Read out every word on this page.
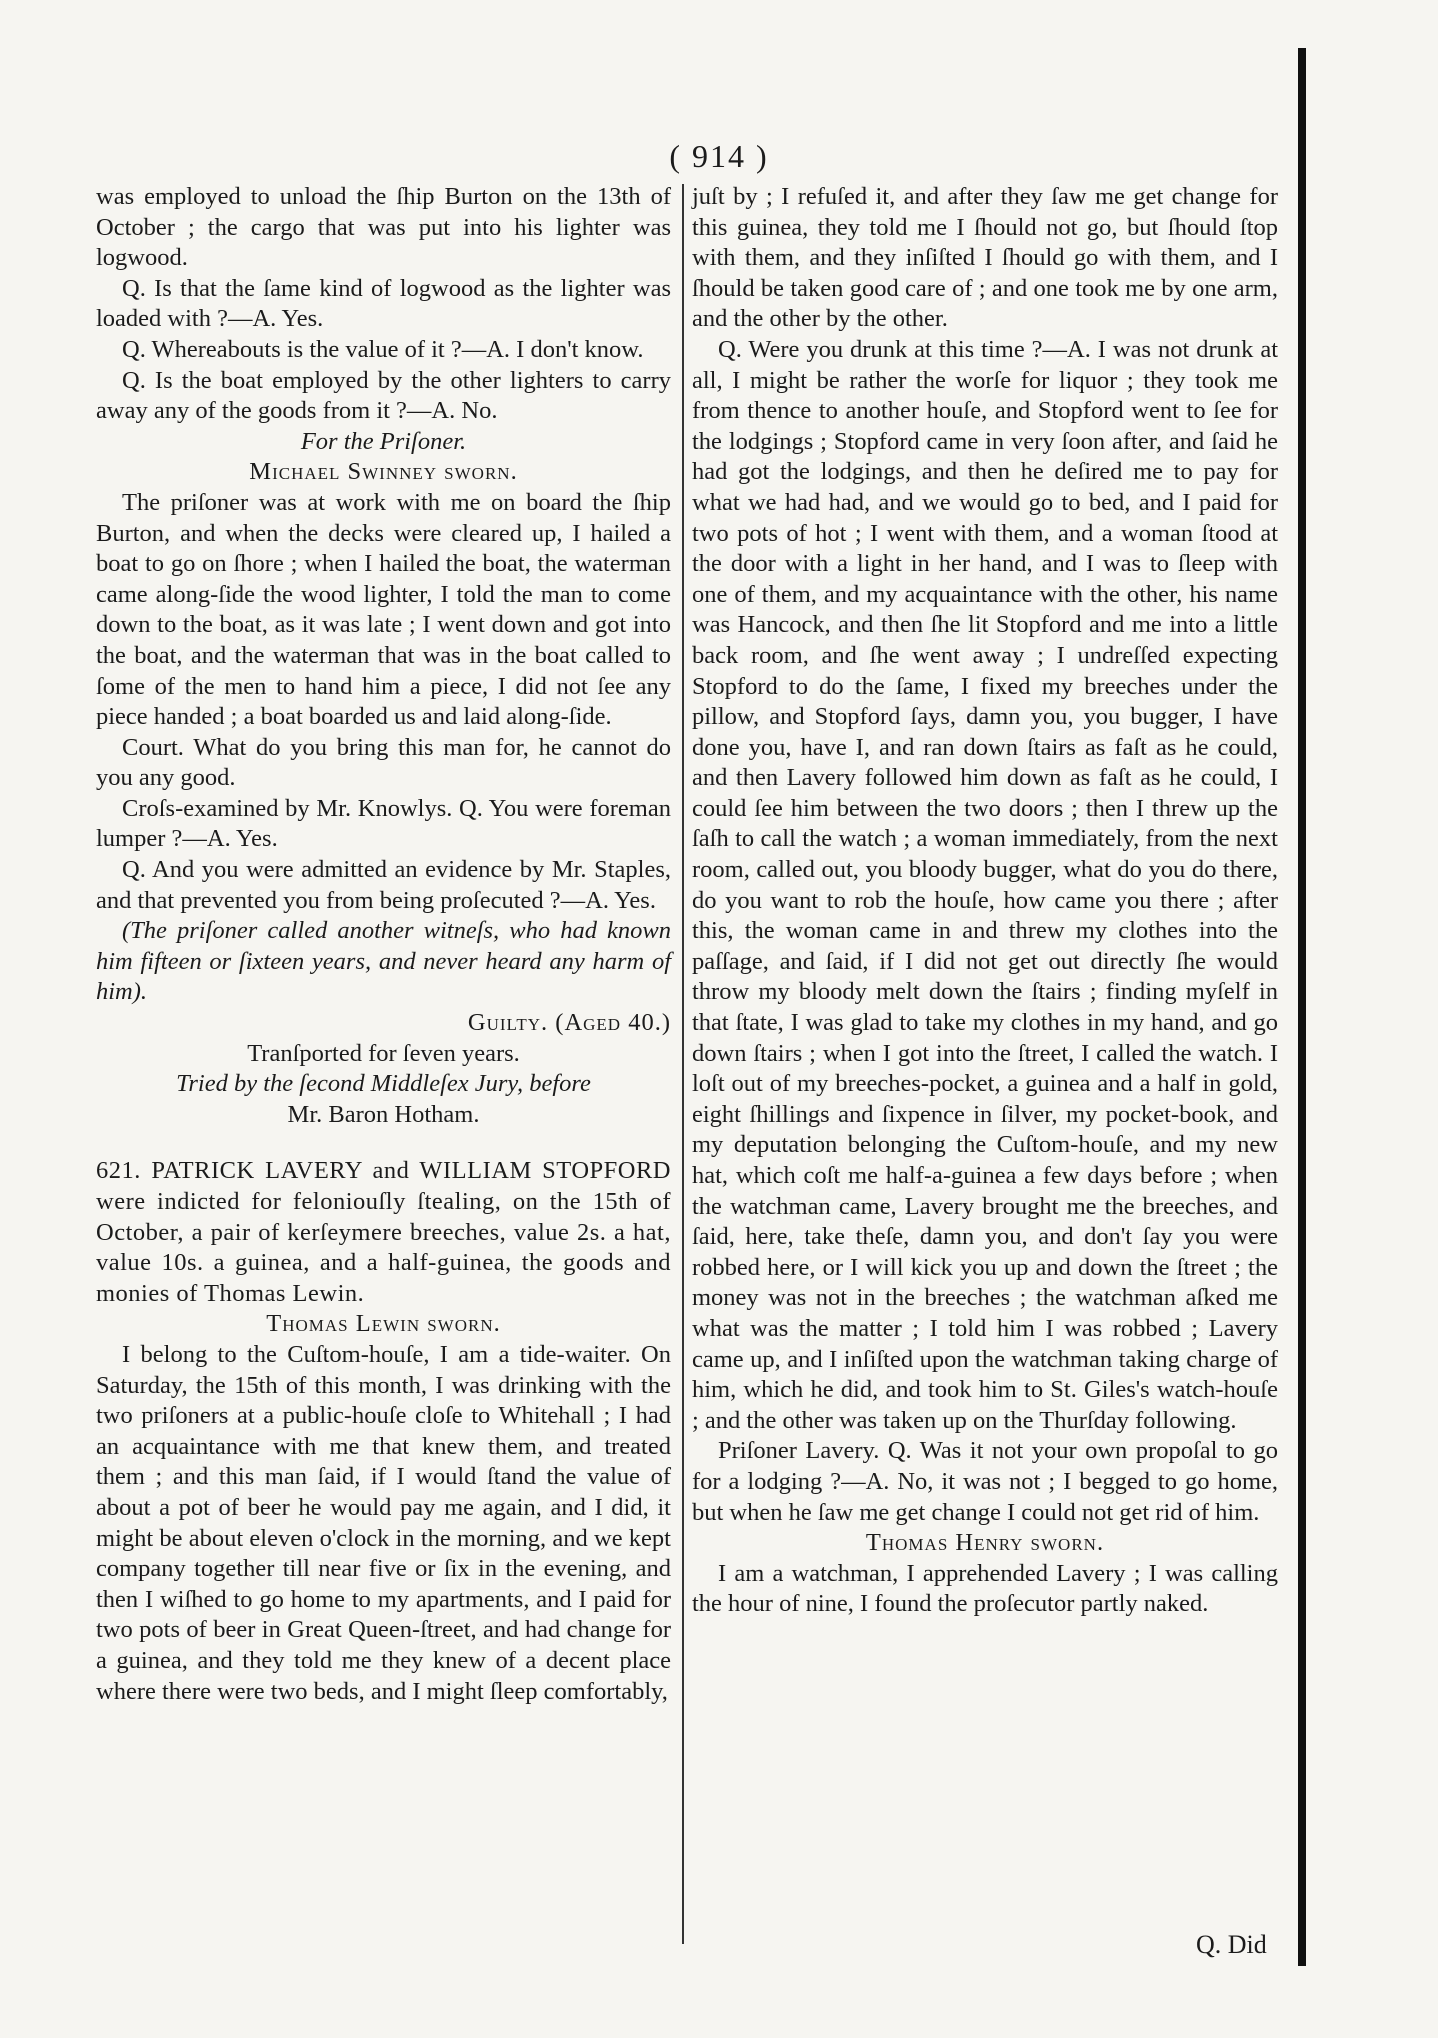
( 914 )

was employed to unload the ſhip Burton on the 13th of October ; the cargo that was put into his lighter was logwood.

Q. Is that the ſame kind of logwood as the lighter was loaded with ?—A. Yes.

Q. Whereabouts is the value of it ?—A. I don't know.

Q. Is the boat employed by the other lighters to carry away any of the goods from it ?—A. No.

For the Priſoner.

Michael Swinney ſworn.

The priſoner was at work with me on board the ſhip Burton, and when the decks were cleared up, I hailed a boat to go on ſhore ; when I hailed the boat, the waterman came along-ſide the wood lighter, I told the man to come down to the boat, as it was late ; I went down and got into the boat, and the waterman that was in the boat called to ſome of the men to hand him a piece, I did not ſee any piece handed ; a boat boarded us and laid along-ſide.

Court. What do you bring this man for, he cannot do you any good.

Croſs-examined by Mr. Knowlys. Q. You were foreman lumper ?—A. Yes.

Q. And you were admitted an evidence by Mr. Staples, and that prevented you from being proſecuted ?—A. Yes.

(The priſoner called another witneſs, who had known him fifteen or ſixteen years, and never heard any harm of him).

Guilty. (Aged 40.)

Tranſported for ſeven years.

Tried by the ſecond Middleſex Jury, before

Mr. Baron Hotham.

621. PATRICK LAVERY and WILLIAM STOPFORD were indicted for feloniouſly ſtealing, on the 15th of October, a pair of kerſeymere breeches, value 2s. a hat, value 10s. a guinea, and a half-guinea, the goods and monies of Thomas Lewin.

Thomas Lewin ſworn.

I belong to the Cuſtom-houſe, I am a tide-waiter. On Saturday, the 15th of this month, I was drinking with the two priſoners at a public-houſe cloſe to Whitehall ; I had an acquaintance with me that knew them, and treated them ; and this man ſaid, if I would ſtand the value of about a pot of beer he would pay me again, and I did, it might be about eleven o'clock in the morning, and we kept company together till near five or ſix in the evening, and then I wiſhed to go home to my apartments, and I paid for two pots of beer in Great Queen-ſtreet, and had change for a guinea, and they told me they knew of a decent place where there were two beds, and I might ſleep comfortably,

juſt by ; I refuſed it, and after they ſaw me get change for this guinea, they told me I ſhould not go, but ſhould ſtop with them, and they inſiſted I ſhould go with them, and I ſhould be taken good care of ; and one took me by one arm, and the other by the other.

Q. Were you drunk at this time ?—A. I was not drunk at all, I might be rather the worſe for liquor ; they took me from thence to another houſe, and Stopford went to ſee for the lodgings ; Stopford came in very ſoon after, and ſaid he had got the lodgings, and then he deſired me to pay for what we had had, and we would go to bed, and I paid for two pots of hot ; I went with them, and a woman ſtood at the door with a light in her hand, and I was to ſleep with one of them, and my acquaintance with the other, his name was Hancock, and then ſhe lit Stopford and me into a little back room, and ſhe went away ; I undreſſed expecting Stopford to do the ſame, I fixed my breeches under the pillow, and Stopford ſays, damn you, you bugger, I have done you, have I, and ran down ſtairs as faſt as he could, and then Lavery followed him down as faſt as he could, I could ſee him between the two doors ; then I threw up the ſaſh to call the watch ; a woman immediately, from the next room, called out, you bloody bugger, what do you do there, do you want to rob the houſe, how came you there ; after this, the woman came in and threw my clothes into the paſſage, and ſaid, if I did not get out directly ſhe would throw my bloody melt down the ſtairs ; finding myſelf in that ſtate, I was glad to take my clothes in my hand, and go down ſtairs ; when I got into the ſtreet, I called the watch. I loſt out of my breeches-pocket, a guinea and a half in gold, eight ſhillings and ſixpence in ſilver, my pocket-book, and my deputation belonging the Cuſtom-houſe, and my new hat, which coſt me half-a-guinea a few days before ; when the watchman came, Lavery brought me the breeches, and ſaid, here, take theſe, damn you, and don't ſay you were robbed here, or I will kick you up and down the ſtreet ; the money was not in the breeches ; the watchman aſked me what was the matter ; I told him I was robbed ; Lavery came up, and I inſiſted upon the watchman taking charge of him, which he did, and took him to St. Giles's watch-houſe ; and the other was taken up on the Thurſday following.

Priſoner Lavery. Q. Was it not your own propoſal to go for a lodging ?—A. No, it was not ; I begged to go home, but when he ſaw me get change I could not get rid of him.

Thomas Henry ſworn.

I am a watchman, I apprehended Lavery ; I was calling the hour of nine, I found the proſecutor partly naked.

Q. Did
